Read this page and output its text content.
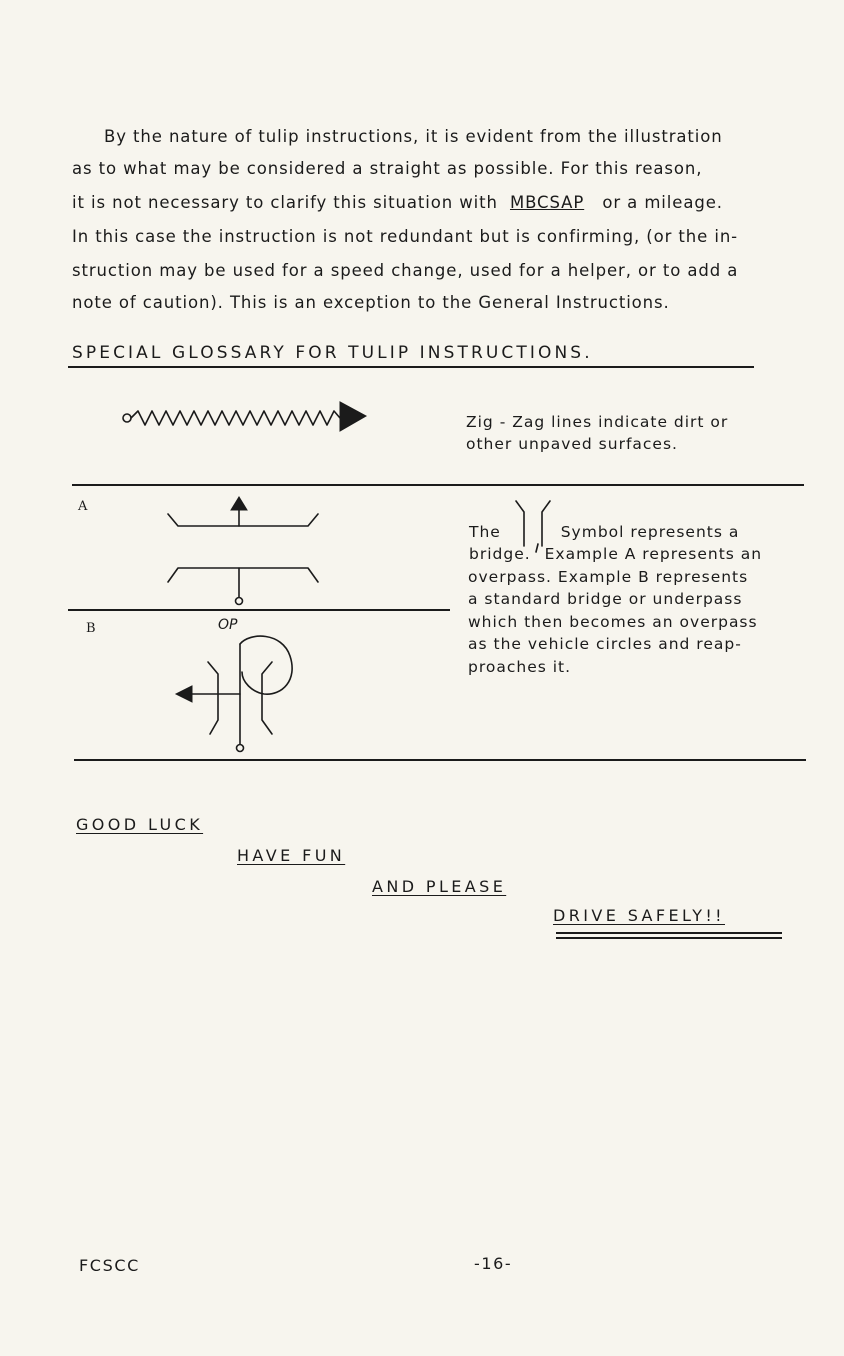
By the nature of tulip instructions, it is evident from the illustration
as to what may be considered a straight as possible. For this reason,
it is not necessary to clarify this situation with MBCSAP or a mileage.
In this case the instruction is not redundant but is confirming, (or the in-
struction may be used for a speed change, used for a helper, or to add a
note of caution). This is an exception to the General Instructions.
SPECIAL GLOSSARY FOR TULIP INSTRUCTIONS.
Zig - Zag lines indicate dirt or
other unpaved surfaces.
A
B	OP
The	Symbol represents a
bridge. Example A represents an
overpass. Example B represents
a standard bridge or underpass
which then becomes an overpass
as the vehicle circles and reap-
proaches it.
GOOD LUCK
HAVE FUN
AND PLEASE
DRIVE SAFELY!!
FCSCC	-16-
